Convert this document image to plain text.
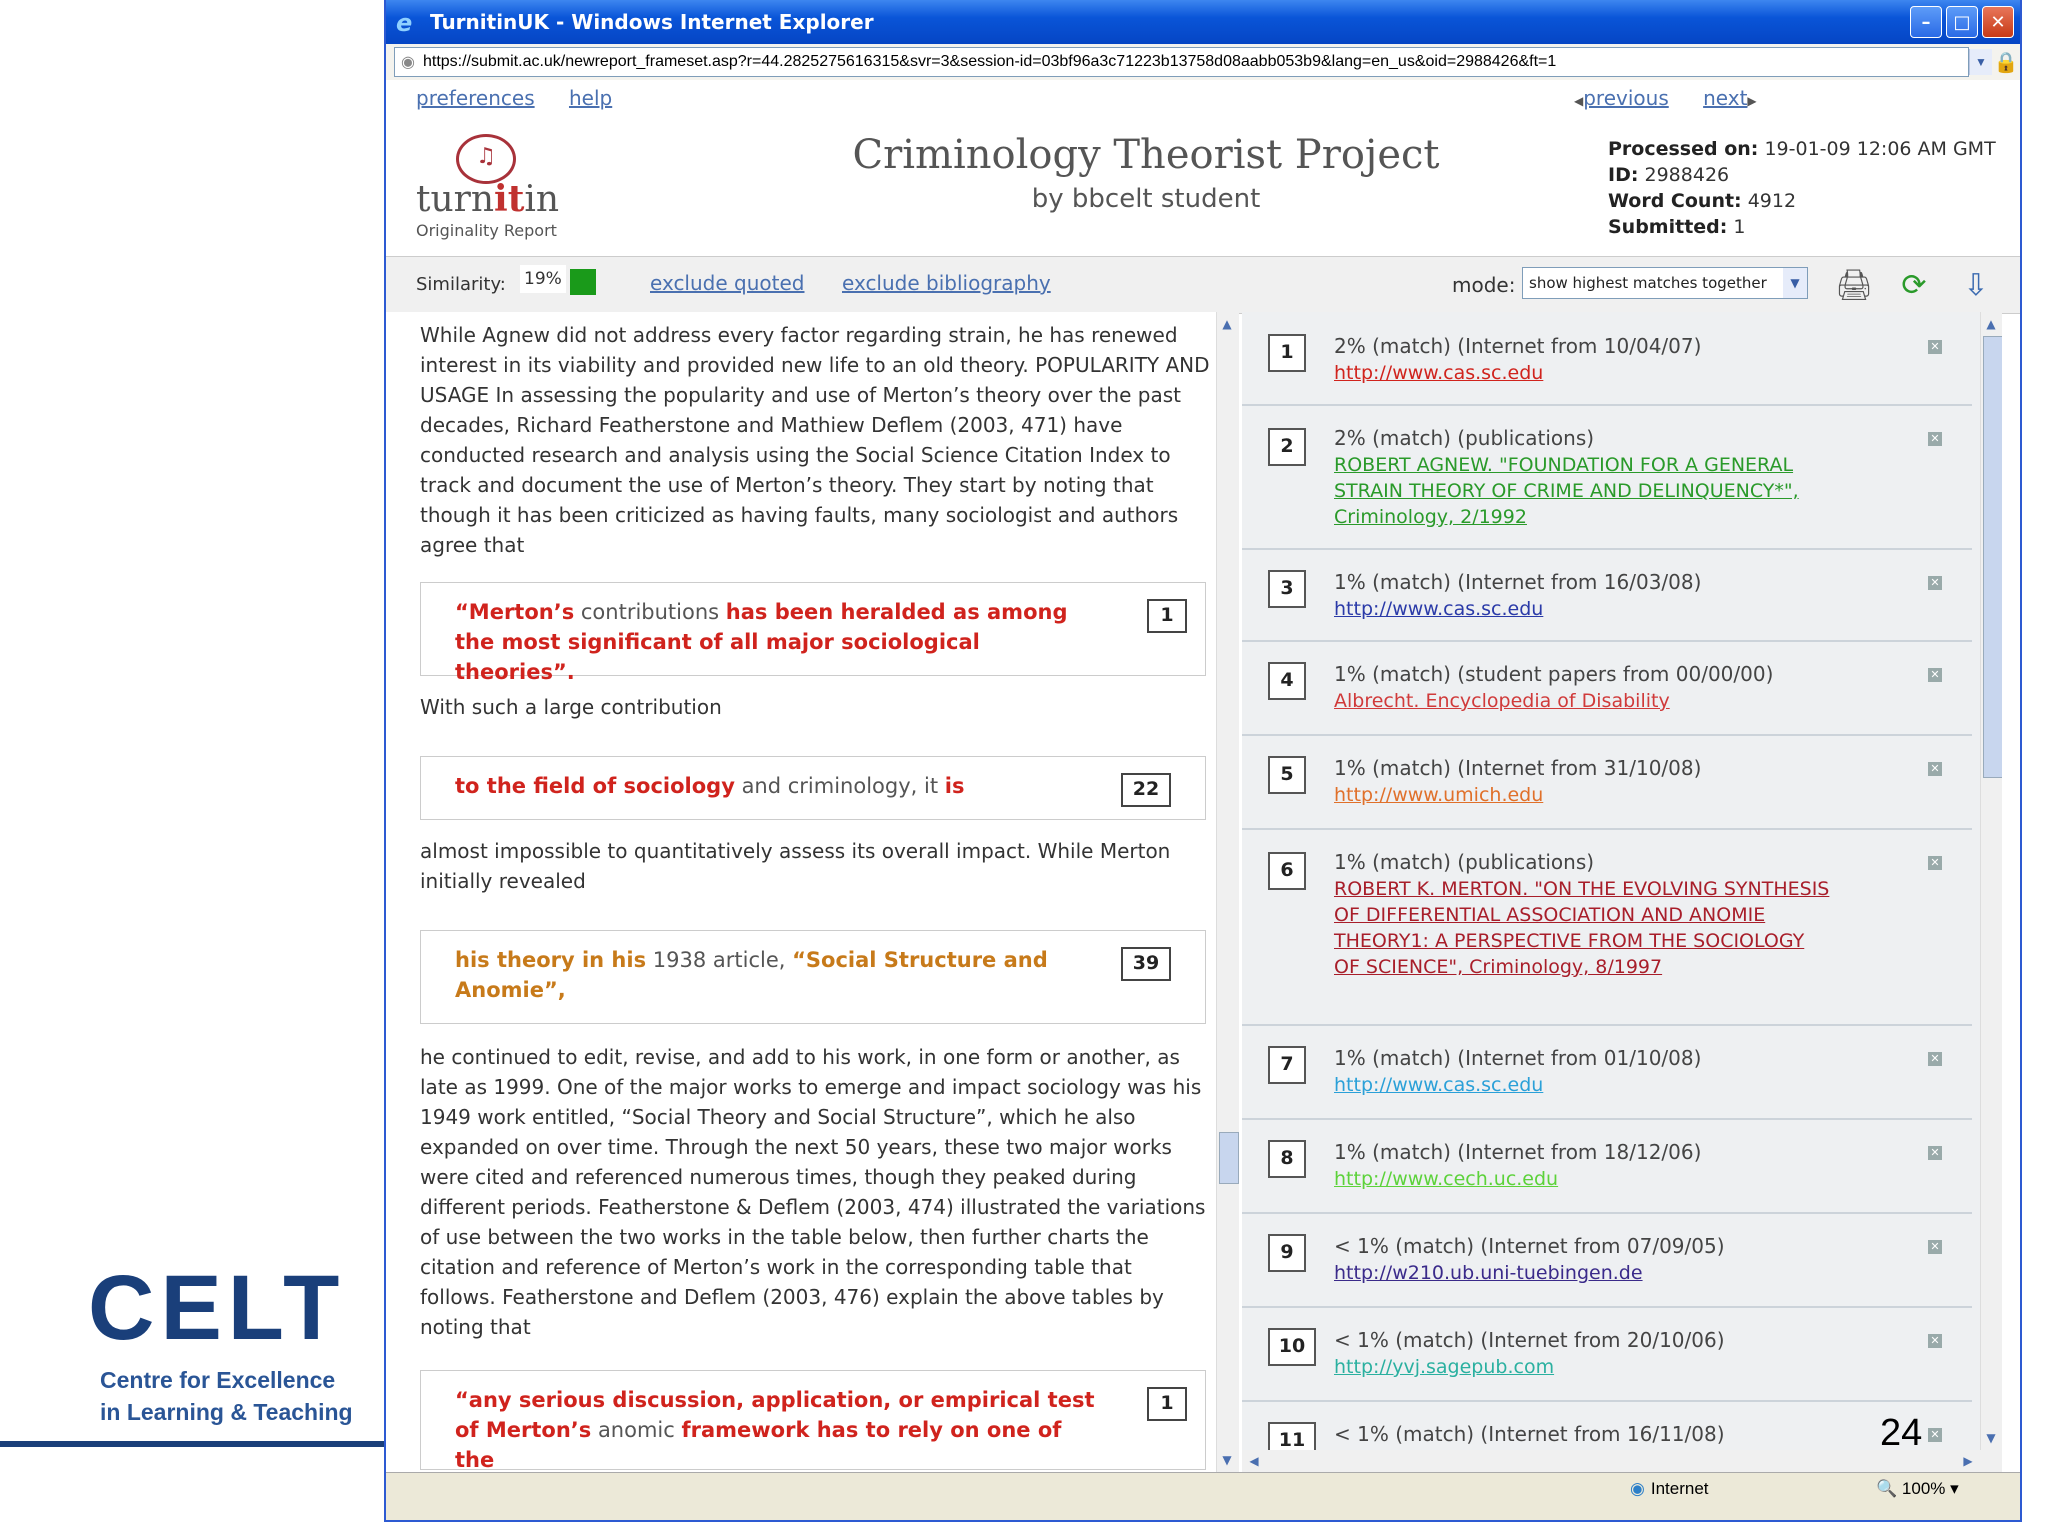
CELT
Centre for Excellence
in Learning & Teaching
e TurnitinUK - Windows Internet Explorer	–	□	✕
◉ https://submit.ac.uk/newreport_frameset.asp?r=44.2825275616315&svr=3&session-id=03bf96a3c71223b13758d08aabb053b9&lang=en_us&oid=2988426&ft=1	▼ 🔒
preferences help	◀previous next▶
♫
turnitin
Originality Report
Criminology Theorist Project
by bbcelt student
Processed on: 19-01-09 12:06 AM GMT
ID: 2988426
Word Count: 4912
Submitted: 1
Similarity: 19%	exclude quoted exclude bibliography	mode: show highest matches together	▼ 🖨 ⟳ ⇩
While Agnew did not address every factor regarding strain, he has renewed interest in its viability and provided new life to an old theory. POPULARITY AND USAGE In assessing the popularity and use of Merton’s theory over the past decades, Richard Featherstone and Mathiew Deflem (2003, 471) have conducted research and analysis using the Social Science Citation Index to track and document the use of Merton’s theory. They start by noting that though it has been criticized as having faults, many sociologist and authors agree that
“Merton’s contributions has been heralded as among the most significant of all major sociological theories”.
1
With such a large contribution
to the field of sociology and criminology, it is	22
almost impossible to quantitatively assess its overall impact. While Merton initially revealed
his theory in his 1938 article, “Social Structure and Anomie”,
39
he continued to edit, revise, and add to his work, in one form or another, as late as 1999. One of the major works to emerge and impact sociology was his 1949 work entitled, “Social Theory and Social Structure”, which he also expanded on over time. Through the next 50 years, these two major works were cited and referenced numerous times, though they peaked during different periods. Featherstone & Deflem (2003, 474) illustrated the variations of use between the two works in the table below, then further charts the citation and reference of Merton’s work in the corresponding table that follows. Featherstone and Deflem (2003, 476) explain the above tables by noting that
“any serious discussion, application, or empirical test of Merton’s anomic framework has to rely on one of the
1
▲
▼
1	2% (match) (Internet from 10/04/07)
http://www.cas.sc.edu
✕
2	2% (match) (publications)
ROBERT AGNEW. "FOUNDATION FOR A GENERAL STRAIN THEORY OF CRIME AND DELINQUENCY*", Criminology, 2/1992
✕
3	1% (match) (Internet from 16/03/08)
http://www.cas.sc.edu
✕
4	1% (match) (student papers from 00/00/00)
Albrecht. Encyclopedia of Disability
✕
5	1% (match) (Internet from 31/10/08)
http://www.umich.edu
✕
6	1% (match) (publications)
ROBERT K. MERTON. "ON THE EVOLVING SYNTHESIS OF DIFFERENTIAL ASSOCIATION AND ANOMIE THEORY1: A PERSPECTIVE FROM THE SOCIOLOGY OF SCIENCE", Criminology, 8/1997
✕
7	1% (match) (Internet from 01/10/08)
http://www.cas.sc.edu
✕
8	1% (match) (Internet from 18/12/06)
http://www.cech.uc.edu
✕
9	< 1% (match) (Internet from 07/09/05)
http://w210.ub.uni-tuebingen.de
✕
10	< 1% (match) (Internet from 20/10/06)
http://yvj.sagepub.com
✕
11	< 1% (match) (Internet from 16/11/08)	✕
▲
▼
◀	▶
◉ Internet	🔍 100% ▾
24
